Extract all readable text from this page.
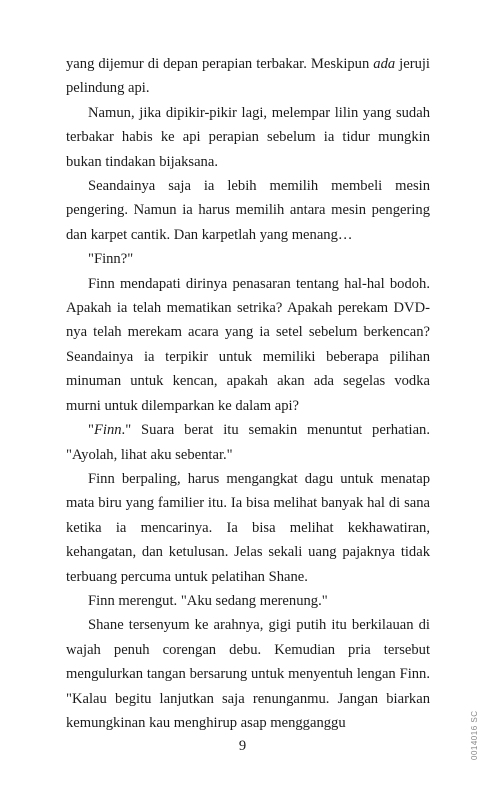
yang dijemur di depan perapian terbakar. Meskipun ada jeruji pelindung api.

Namun, jika dipikir-pikir lagi, melempar lilin yang sudah terbakar habis ke api perapian sebelum ia tidur mungkin bukan tindakan bijaksana.

Seandainya saja ia lebih memilih membeli mesin pengering. Namun ia harus memilih antara mesin pengering dan karpet cantik. Dan karpetlah yang menang…

"Finn?"

Finn mendapati dirinya penasaran tentang hal-hal bodoh. Apakah ia telah mematikan setrika? Apakah perekam DVD-nya telah merekam acara yang ia setel sebelum berkencan? Seandainya ia terpikir untuk memiliki beberapa pilihan minuman untuk kencan, apakah akan ada segelas vodka murni untuk dilemparkan ke dalam api?

"Finn." Suara berat itu semakin menuntut perhatian. "Ayolah, lihat aku sebentar."

Finn berpaling, harus mengangkat dagu untuk menatap mata biru yang familier itu. Ia bisa melihat banyak hal di sana ketika ia mencarinya. Ia bisa melihat kekhawatiran, kehangatan, dan ketulusan. Jelas sekali uang pajaknya tidak terbuang percuma untuk pelatihan Shane.

Finn merengut. "Aku sedang merenung."

Shane tersenyum ke arahnya, gigi putih itu berkilauan di wajah penuh corengan debu. Kemudian pria tersebut mengulurkan tangan bersarung untuk menyentuh lengan Finn. "Kalau begitu lanjutkan saja renunganmu. Jangan biarkan kemungkinan kau menghirup asap mengganggu

9	0014016 SC
